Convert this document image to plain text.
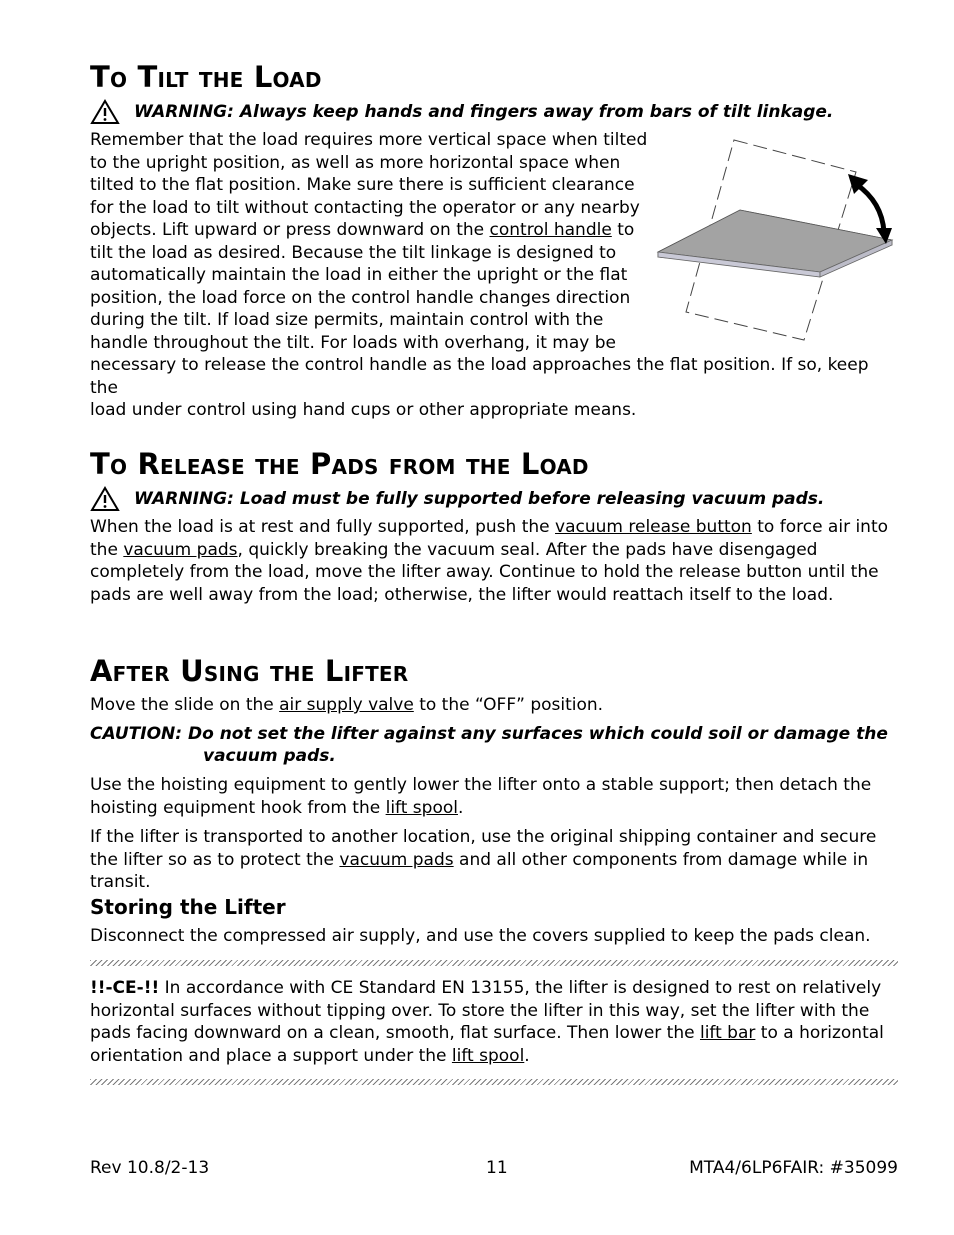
To Tilt the Load
WARNING: Always keep hands and fingers away from bars of tilt linkage.

Remember that the load requires more vertical space when tilted
to the upright position, as well as more horizontal space when
tilted to the flat position. Make sure there is sufficient clearance
for the load to tilt without contacting the operator or any nearby
objects. Lift upward or press downward on the control handle to
tilt the load as desired. Because the tilt linkage is designed to
automatically maintain the load in either the upright or the flat
position, the load force on the control handle changes direction
during the tilt. If load size permits, maintain control with the
handle throughout the tilt. For loads with overhang, it may be
necessary to release the control handle as the load approaches the flat position. If so, keep the
load under control using hand cups or other appropriate means.

To Release the Pads from the Load
WARNING: Load must be fully supported before releasing vacuum pads.

When the load is at rest and fully supported, push the vacuum release button to force air into the vacuum pads, quickly breaking the vacuum seal. After the pads have disengaged completely from the load, move the lifter away. Continue to hold the release button until the pads are well away from the load; otherwise, the lifter would reattach itself to the load.

After Using the Lifter

Move the slide on the air supply valve to the “OFF” position.

CAUTION: Do not set the lifter against any surfaces which could soil or damage the
vacuum pads.

Use the hoisting equipment to gently lower the lifter onto a stable support; then detach the hoisting equipment hook from the lift spool.

If the lifter is transported to another location, use the original shipping container and secure the lifter so as to protect the vacuum pads and all other components from damage while in transit.

Storing the Lifter

Disconnect the compressed air supply, and use the covers supplied to keep the pads clean.

!!-CE-!! In accordance with CE Standard EN 13155, the lifter is designed to rest on relatively horizontal surfaces without tipping over. To store the lifter in this way, set the lifter with the pads facing downward on a clean, smooth, flat surface. Then lower the lift bar to a horizontal orientation and place a support under the lift spool.

Rev 10.8/2-13	11	MTA4/6LP6FAIR: #35099
